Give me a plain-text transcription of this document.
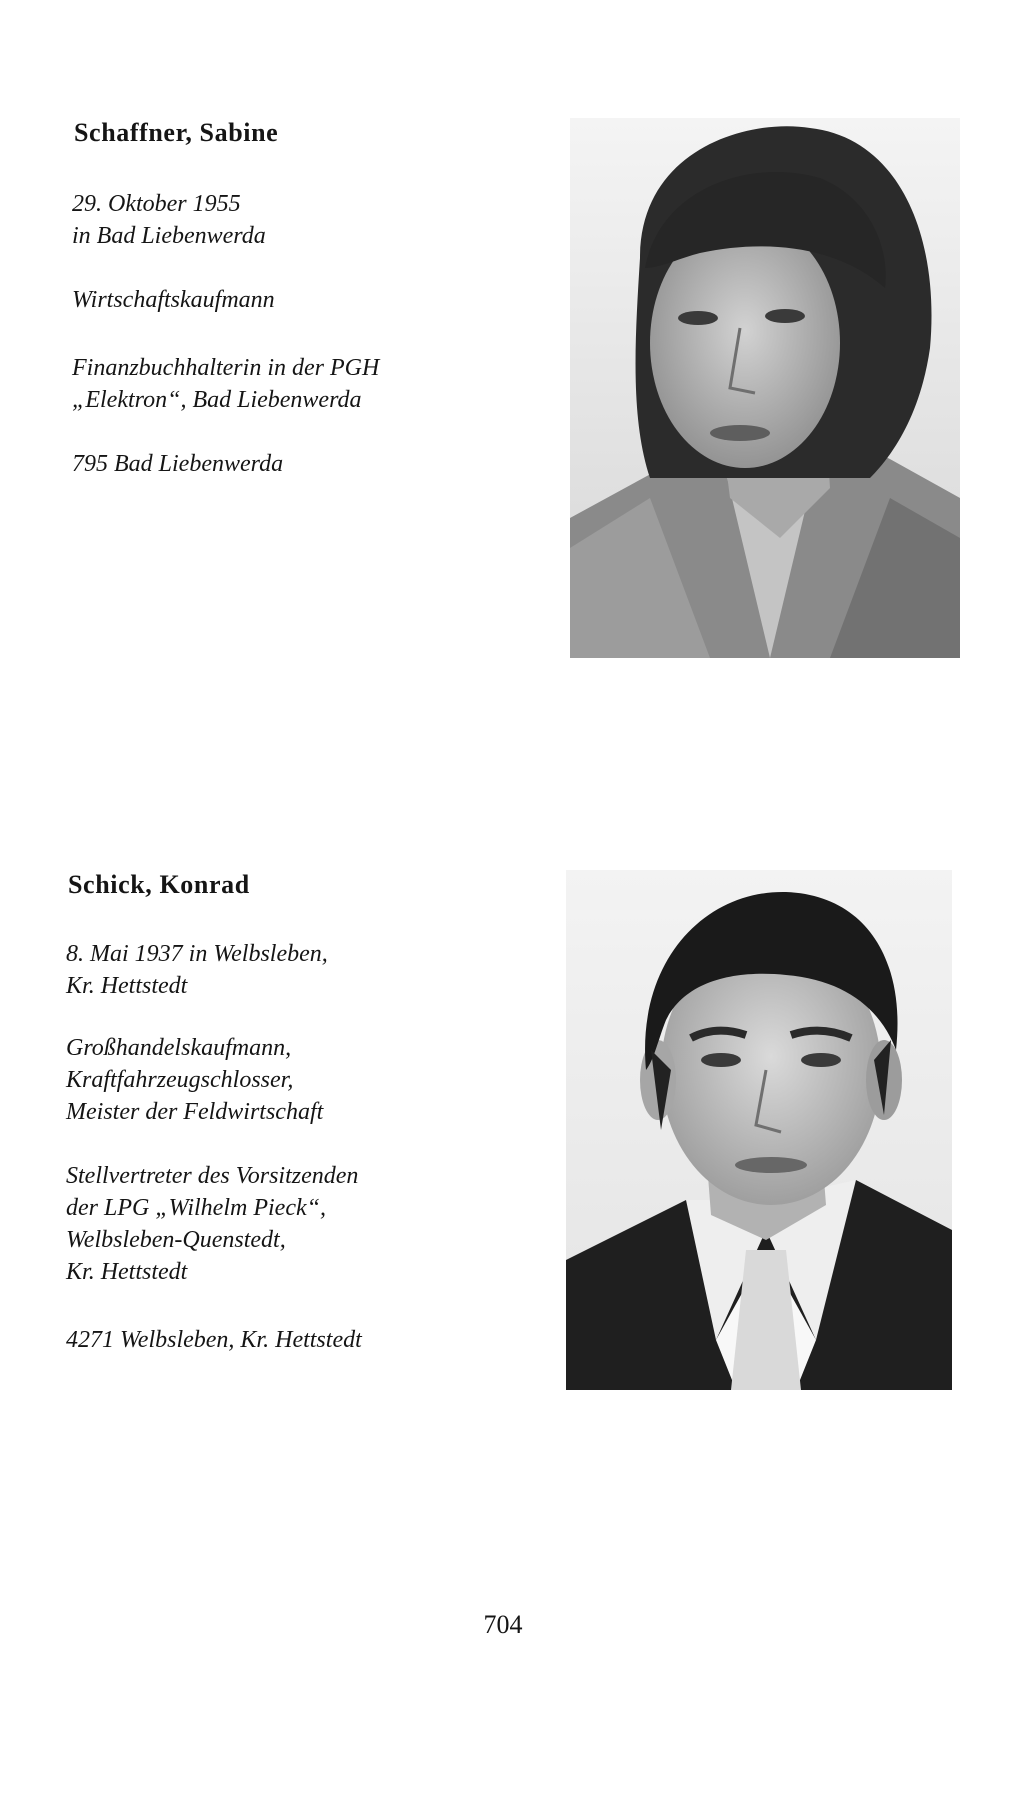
Schaffner, Sabine
29. Oktober 1955
in Bad Liebenwerda
Wirtschaftskaufmann
Finanzbuchhalterin in der PGH
„Elektron“, Bad Liebenwerda
795 Bad Liebenwerda
Schick, Konrad
8. Mai 1937 in Welbsleben,
Kr. Hettstedt
Großhandelskaufmann,
Kraftfahrzeugschlosser,
Meister der Feldwirtschaft
Stellvertreter des Vorsitzenden
der LPG „Wilhelm Pieck“,
Welbsleben-Quenstedt,
Kr. Hettstedt
4271 Welbsleben, Kr. Hettstedt
704
